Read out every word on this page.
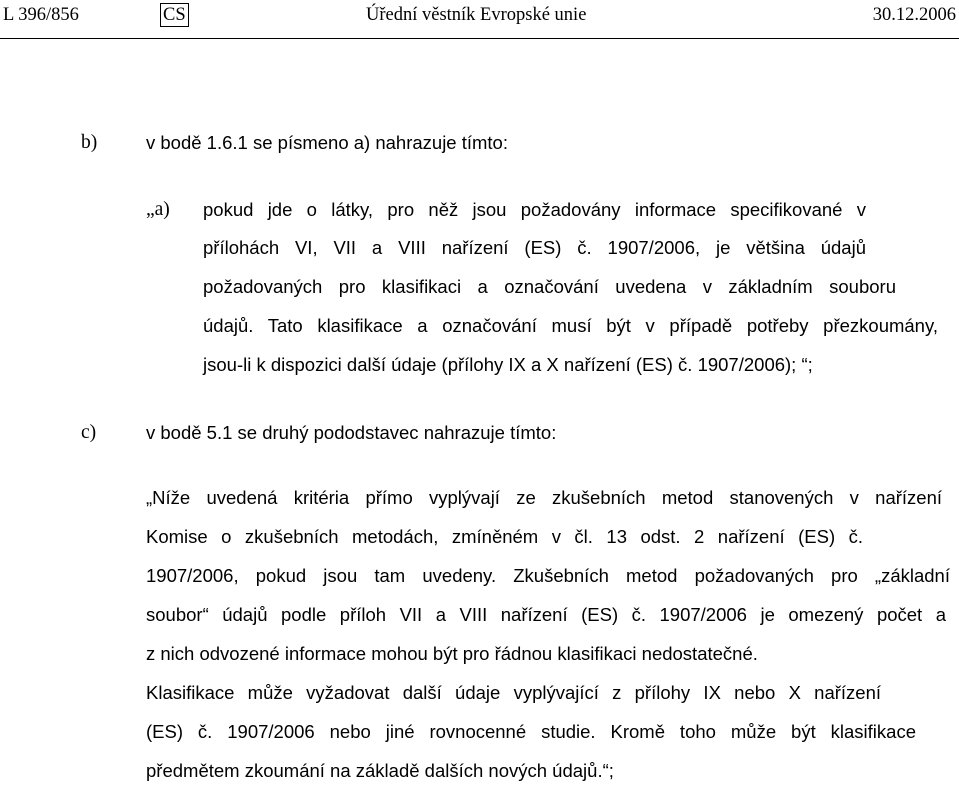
L 396/856	CS	Úřední věstník Evropské unie	30.12.2006
b)	v bodě 1.6.1 se písmeno a) nahrazuje tímto:
„a) pokud jde o látky, pro něž jsou požadovány informace specifikované v
přílohách VI, VII a VIII nařízení (ES) č. 1907/2006, je většina údajů
požadovaných pro klasifikaci a označování uvedena v základním souboru
údajů. Tato klasifikace a označování musí být v případě potřeby přezkoumány,
jsou-li k dispozici další údaje (přílohy IX a X nařízení (ES) č. 1907/2006); “;
c)	v bodě 5.1 se druhý pododstavec nahrazuje tímto:
„Níže uvedená kritéria přímo vyplývají ze zkušebních metod stanovených v nařízení
Komise o zkušebních metodách, zmíněném v čl. 13 odst. 2 nařízení (ES) č.
1907/2006, pokud jsou tam uvedeny. Zkušebních metod požadovaných pro „základní
soubor“ údajů podle příloh VII a VIII nařízení (ES) č. 1907/2006 je omezený počet a
z nich odvozené informace mohou být pro řádnou klasifikaci nedostatečné.
Klasifikace může vyžadovat další údaje vyplývající z přílohy IX nebo X nařízení
(ES) č. 1907/2006 nebo jiné rovnocenné studie. Kromě toho může být klasifikace
předmětem zkoumání na základě dalších nových údajů.“;
